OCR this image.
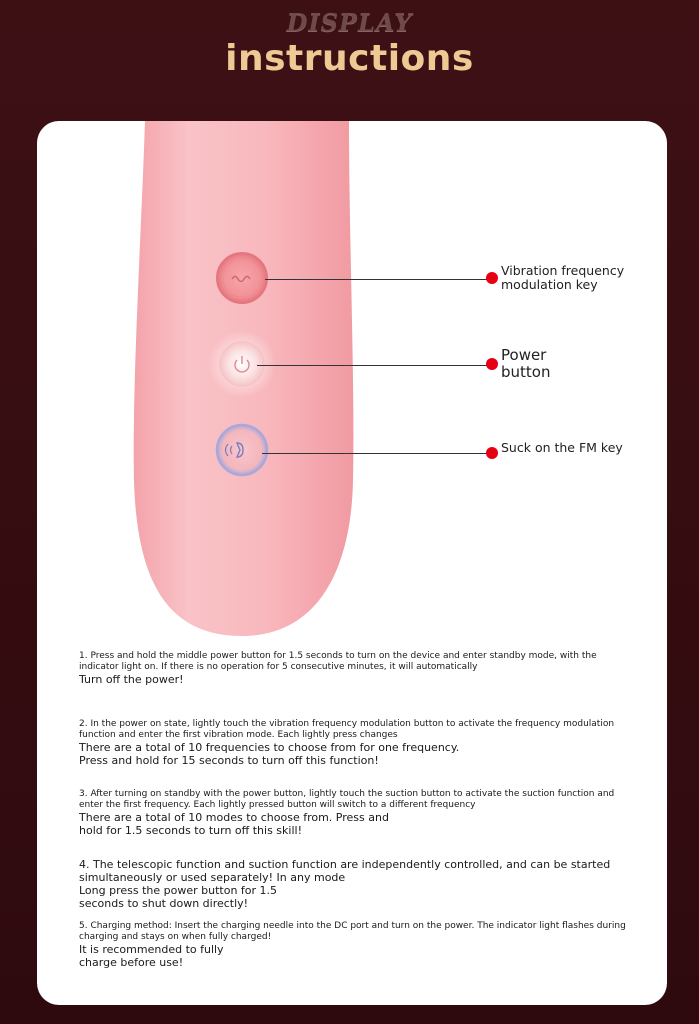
DISPLAY
instructions
Vibration frequency
modulation key
Power
button
Suck on the FM key
1. Press and hold the middle power button for 1.5 seconds to turn on the device and enter standby mode, with the indicator light on. If there is no operation for 5 consecutive minutes, it will automatically
Turn off the power!
2. In the power on state, lightly touch the vibration frequency modulation button to activate the frequency modulation function and enter the first vibration mode. Each lightly press changes
There are a total of 10 frequencies to choose from for one frequency. Press and hold for 15 seconds to turn off this function!
3. After turning on standby with the power button, lightly touch the suction button to activate the suction function and enter the first frequency. Each lightly pressed button will switch to a different frequency
There are a total of 10 modes to choose from. Press and hold for 1.5 seconds to turn off this skill!
4. The telescopic function and suction function are independently controlled, and can be started simultaneously or used separately! In any mode
Long press the power button for 1.5 seconds to shut down directly!
5. Charging method: Insert the charging needle into the DC port and turn on the power. The indicator light flashes during charging and stays on when fully charged!
It is recommended to fully charge before use!
